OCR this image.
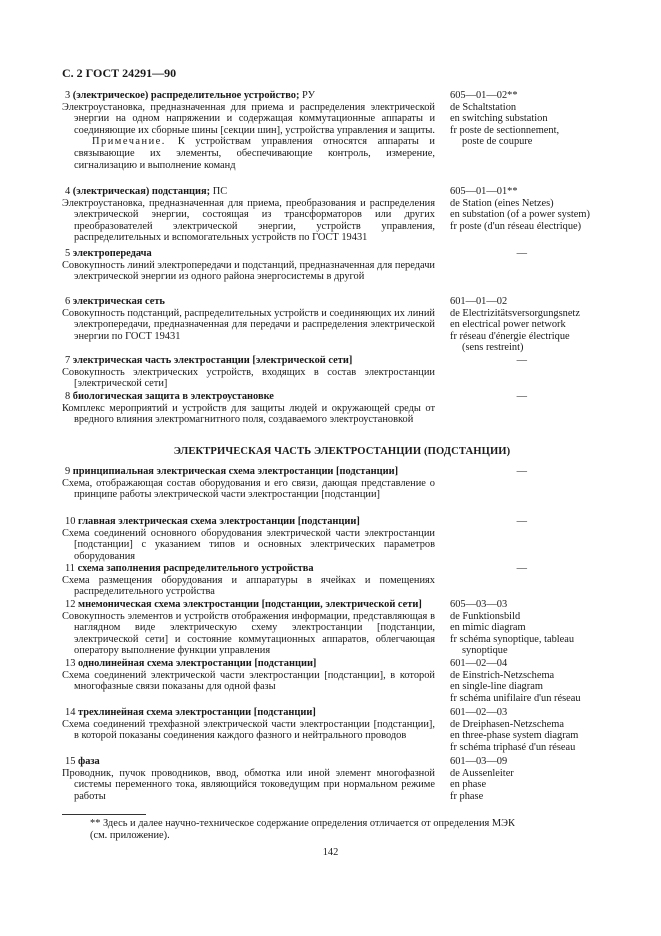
С. 2 ГОСТ 24291—90
3 (электрическое) распределительное устройство; РУ
Электроустановка, предназначенная для приема и распределения электрической энергии на одном напряжении и содержащая коммутационные аппараты и соединяющие их сборные шины [секции шин], устройства управления и защиты.
Примечание. К устройствам управления относятся аппараты и связывающие их элементы, обеспечивающие контроль, измерение, сигнализацию и выполнение команд
605—01—02**
de Schaltstation
en switching substation
fr poste de sectionnement,
poste de coupure
4 (электрическая) подстанция; ПС
Электроустановка, предназначенная для приема, преобразования и распределения электрической энергии, состоящая из трансформаторов или других преобразователей электрической энергии, устройств управления, распределительных и вспомогательных устройств по ГОСТ 19431
605—01—01**
de Station (eines Netzes)
en substation (of a power system)
fr poste (d'un réseau électrique)
5 электропередача
Совокупность линий электропередачи и подстанций, предназначенная для передачи электрической энергии из одного района энергосистемы в другой
—
6 электрическая сеть
Совокупность подстанций, распределительных устройств и соединяющих их линий электропередачи, предназначенная для передачи и распределения электрической энергии по ГОСТ 19431
601—01—02
de Electrizitätsversorgungsnetz
en electrical power network
fr réseau d'énergie électrique
(sens restreint)
7 электрическая часть электростанции [электрической сети]
Совокупность электрических устройств, входящих в состав электростанции [электрической сети]
—
8 биологическая защита в электроустановке
Комплекс мероприятий и устройств для защиты людей и окружающей среды от вредного влияния электромагнитного поля, создаваемого электроустановкой
—
9 принципиальная электрическая схема электростанции [подстанции]
Схема, отображающая состав оборудования и его связи, дающая представление о принципе работы электрической части электростанции [подстанции]
—
10 главная электрическая схема электростанции [подстанции]
Схема соединений основного оборудования электрической части электростанции [подстанции] с указанием типов и основных электрических параметров оборудования
—
11 схема заполнения распределительного устройства
Схема размещения оборудования и аппаратуры в ячейках и помещениях распределительного устройства
—
12 мнемоническая схема электростанции [подстанции, электрической сети]
Совокупность элементов и устройств отображения информации, представляющая в наглядном виде электрическую схему электростанции [подстанции, электрической сети] и состояние коммутационных аппаратов, облегчающая оператору выполнение функции управления
605—03—03
de Funktionsbild
en mimic diagram
fr schéma synoptique, tableau
synoptique
13 однолинейная схема электростанции [подстанции]
Схема соединений электрической части электростанции [подстанции], в которой многофазные связи показаны для одной фазы
601—02—04
de Einstrich-Netzschema
en single-line diagram
fr schéma unifilaire d'un réseau
14 трехлинейная схема электростанции [подстанции]
Схема соединений трехфазной электрической части электростанции [подстанции], в которой показаны соединения каждого фазного и нейтрального проводов
601—02—03
de Dreiphasen-Netzschema
en three-phase system diagram
fr schéma triphasé d'un réseau
15 фаза
Проводник, пучок проводников, ввод, обмотка или иной элемент многофазной системы переменного тока, являющийся токоведущим при нормальном режиме работы
601—03—09
de Aussenleiter
en phase
fr phase
ЭЛЕКТРИЧЕСКАЯ ЧАСТЬ ЭЛЕКТРОСТАНЦИИ (ПОДСТАНЦИИ)
** Здесь и далее научно-техническое содержание определения отличается от определения МЭК (см. приложение).
142
